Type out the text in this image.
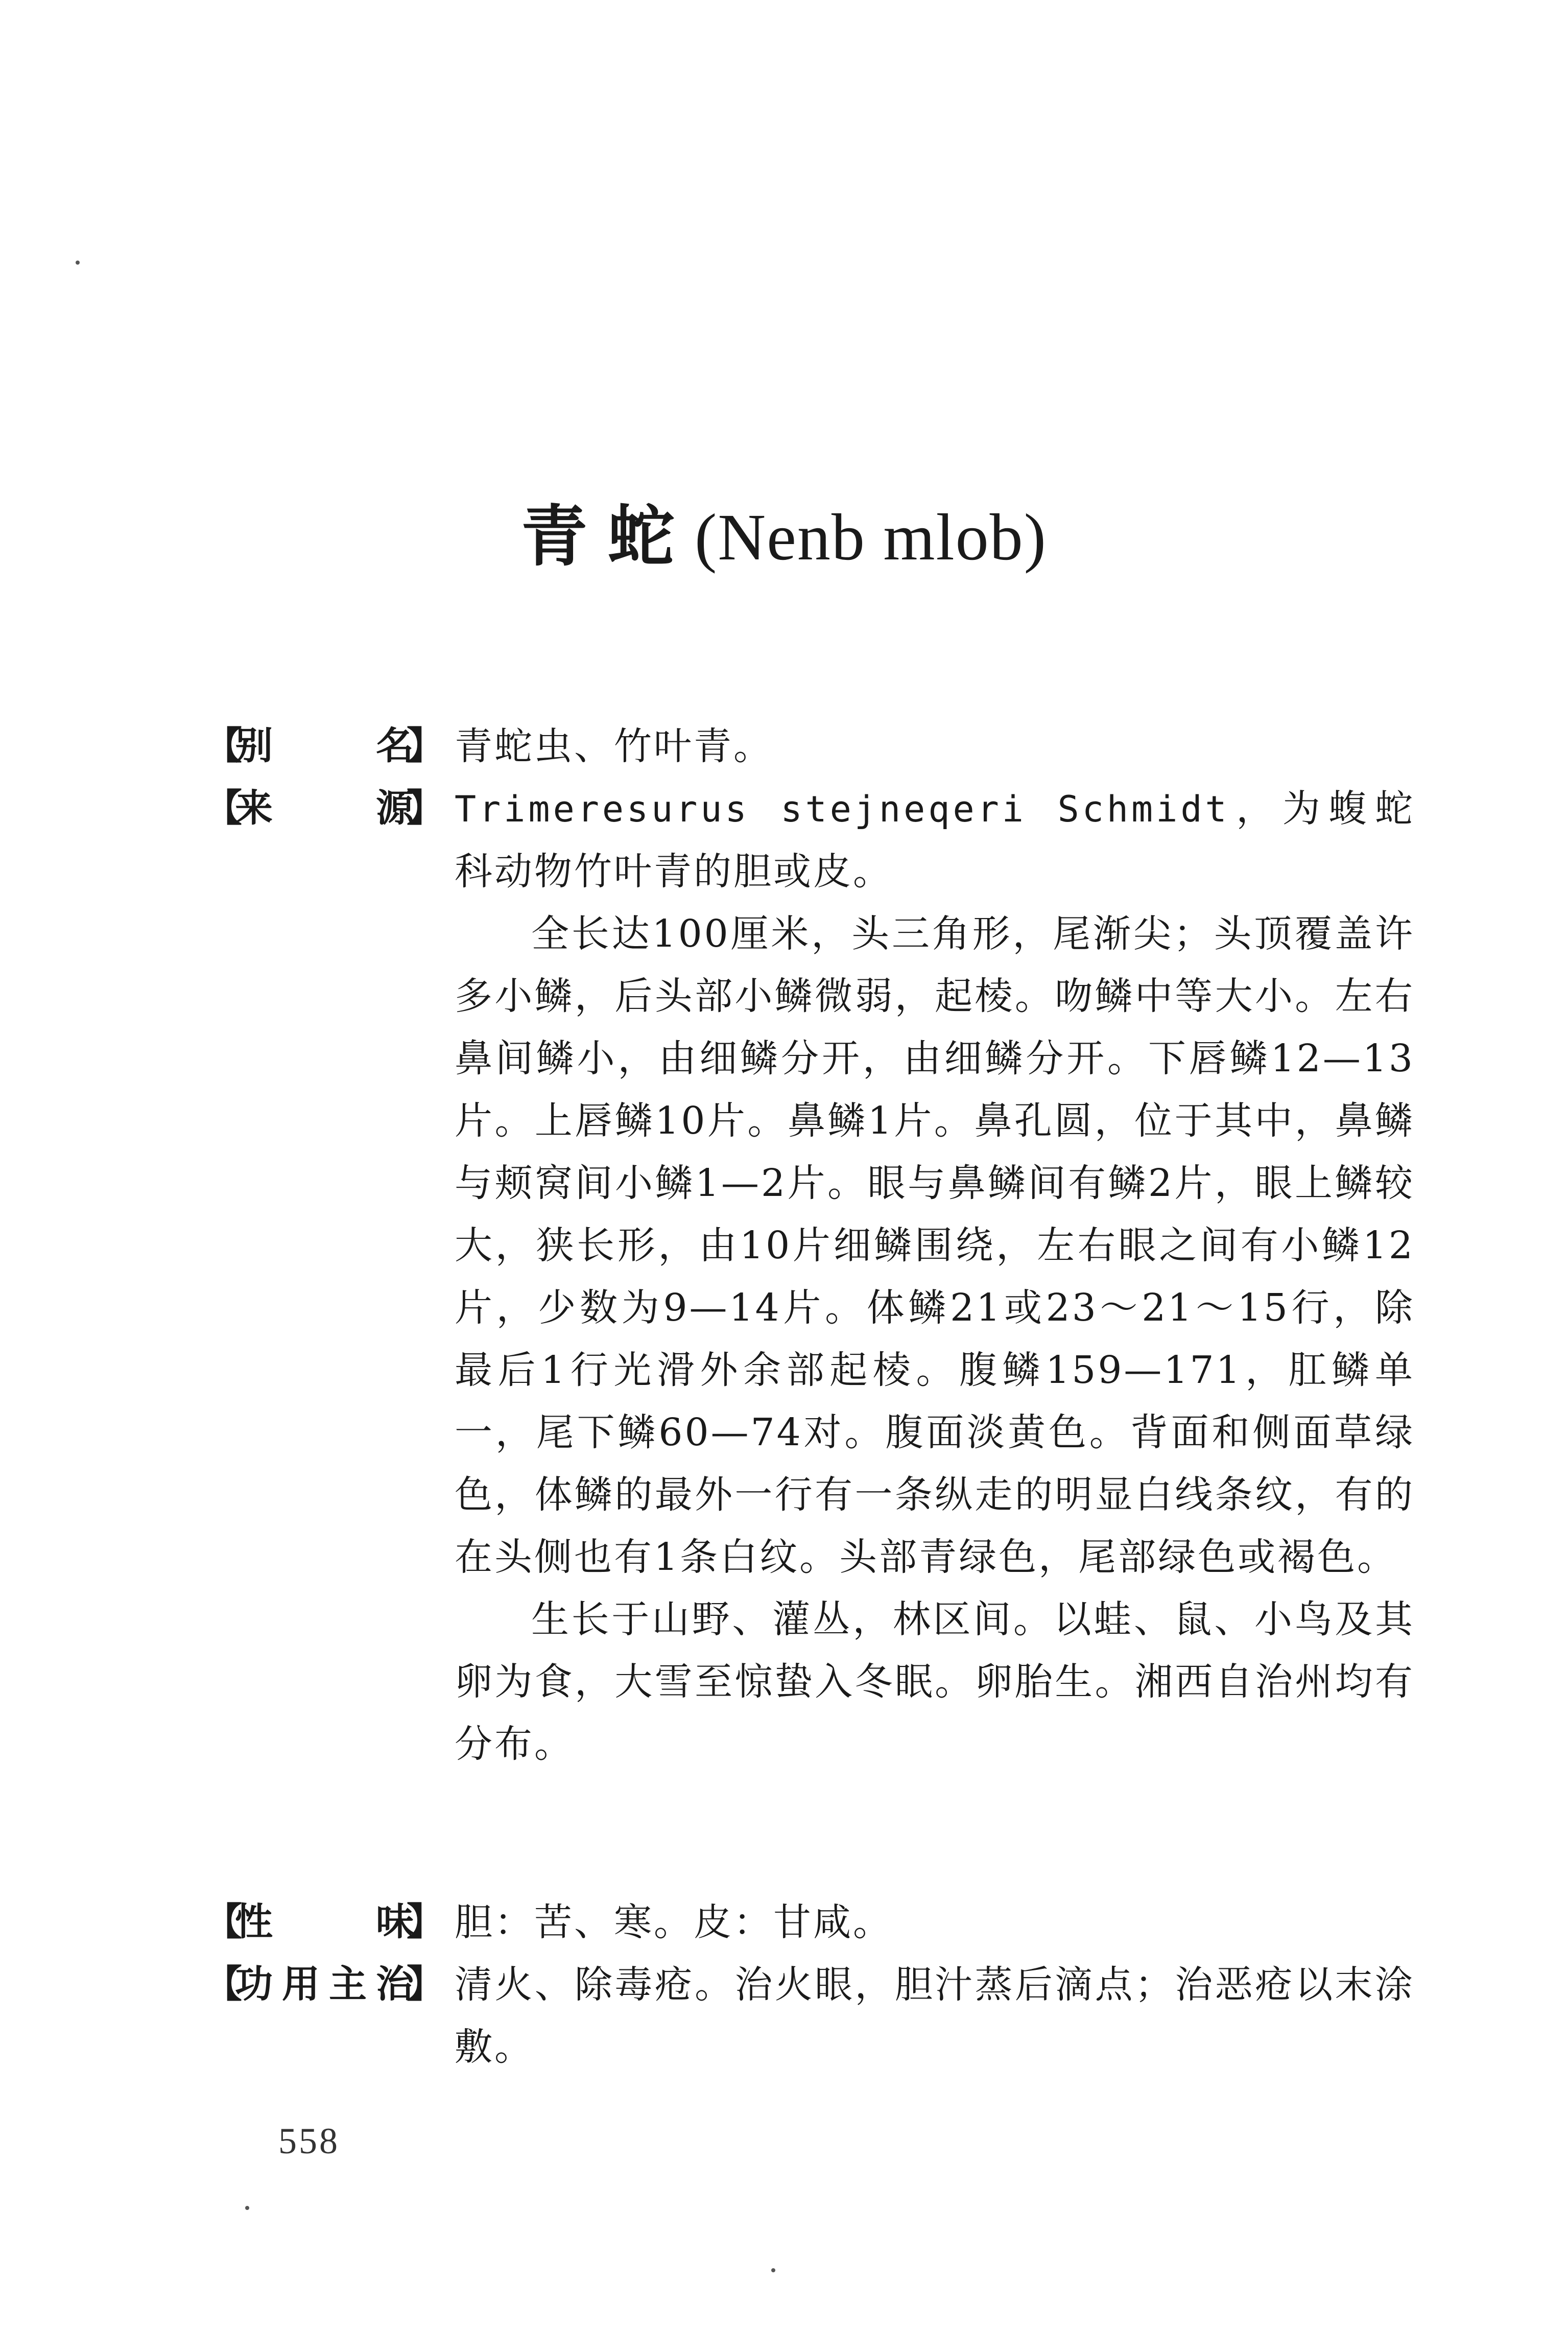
青蛇(Nenb mlob)
【
别	名
】 青蛇虫、竹叶青。

【
来	源
】 Trimeresurus stejneqeri Schmidt，为蝮蛇科动物竹叶青的胆或皮。

全长达100厘米，头三角形，尾渐尖；头顶覆盖许多小鳞，后头部小鳞微弱，起棱。吻鳞中等大小。左右鼻间鳞小，由细鳞分开，由细鳞分开。下唇鳞12—13片。上唇鳞10片。鼻鳞1片。鼻孔圆，位于其中，鼻鳞与颊窝间小鳞1—2片。眼与鼻鳞间有鳞2片，眼上鳞较大，狭长形，由10片细鳞围绕，左右眼之间有小鳞12片，少数为9—14片。体鳞21或23～21～15行，除最后1行光滑外余部起棱。腹鳞159—171，肛鳞单一，尾下鳞60—74对。腹面淡黄色。背面和侧面草绿色，体鳞的最外一行有一条纵走的明显白线条纹，有的在头侧也有1条白纹。头部青绿色，尾部绿色或褐色。

生长于山野、灌丛，林区间。以蛙、鼠、小鸟及其卵为食，大雪至惊蛰入冬眠。卵胎生。湘西自治州均有分布。

【
性	味
】 胆：苦、寒。皮：甘咸。

【
功 用 主 治
】 清火、除毒疮。治火眼，胆汁蒸后滴点；治恶疮以末涂敷。

558
